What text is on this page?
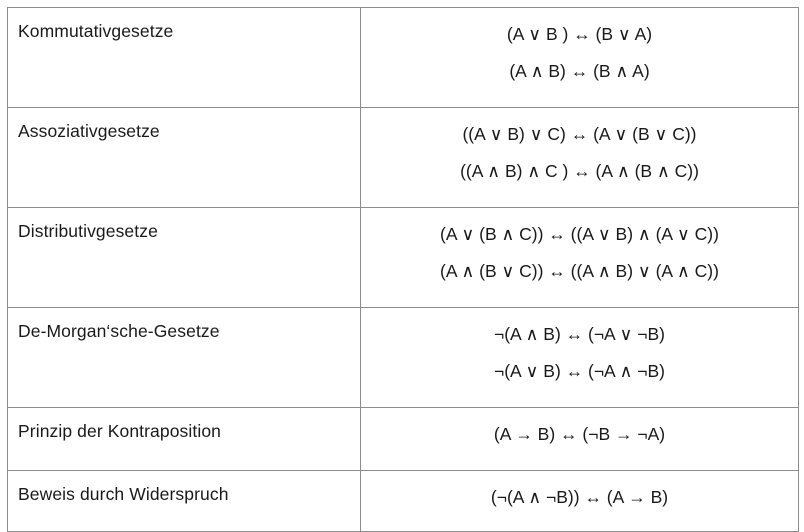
Kommutativgesetze	(A ∨ B ) ↔ (B ∨ A)
(A ∧ B) ↔ (B ∧ A)

Assoziativgesetze	((A ∨ B) ∨ C) ↔ (A ∨ (B ∨ C))
((A ∧ B) ∧ C ) ↔ (A ∧ (B ∧ C))

Distributivgesetze	(A ∨ (B ∧ C)) ↔ ((A ∨ B) ∧ (A ∨ C))
(A ∧ (B ∨ C)) ↔ ((A ∧ B) ∨ (A ∧ C))

De-Morgan‘sche-Gesetze	¬(A ∧ B) ↔ (¬A ∨ ¬B)
¬(A ∨ B) ↔ (¬A ∧ ¬B)

Prinzip der Kontraposition	(A → B) ↔ (¬B → ¬A)

Beweis durch Widerspruch	(¬(A ∧ ¬B)) ↔ (A → B)
